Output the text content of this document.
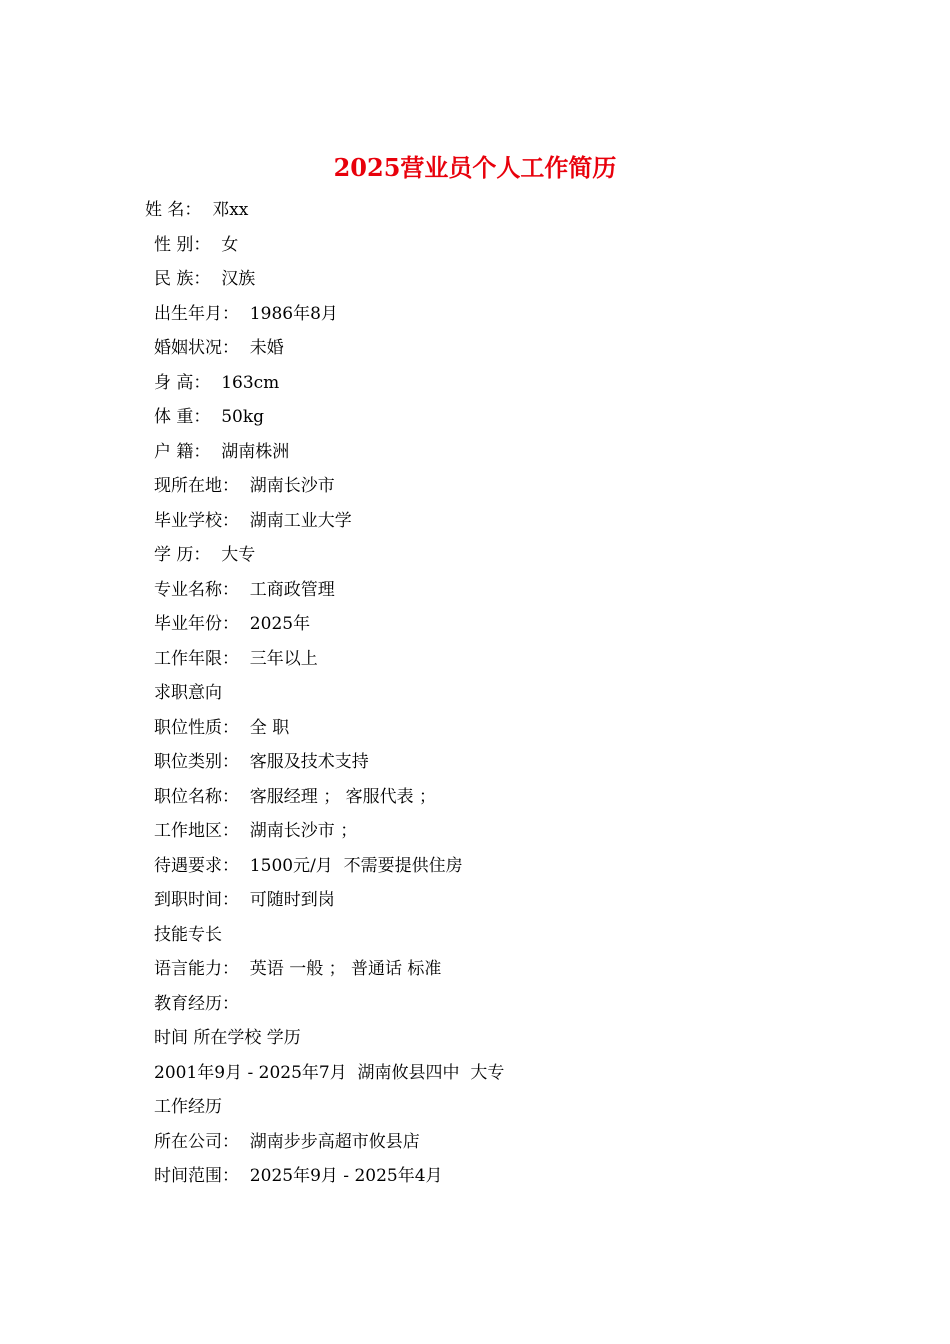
2025营业员个人工作简历
姓 名：  邓xx
性 别：  女
民 族：  汉族
出生年月：  1986年8月
婚姻状况：  未婚
身 高：  163cm
体 重：  50kg
户 籍：  湖南株洲
现所在地：  湖南长沙市
毕业学校：  湖南工业大学
学 历：  大专
专业名称：  工商政管理
毕业年份：  2025年
工作年限：  三年以上
求职意向
职位性质：  全 职
职位类别：  客服及技术支持
职位名称：  客服经理 ； 客服代表 ；
工作地区：  湖南长沙市 ；
待遇要求：  1500元/月  不需要提供住房
到职时间：  可随时到岗
技能专长
语言能力：  英语 一般 ； 普通话 标准
教育经历：
时间 所在学校 学历
2001年9月 - 2025年7月  湖南攸县四中  大专
工作经历
所在公司：  湖南步步高超市攸县店
时间范围：  2025年9月 - 2025年4月
